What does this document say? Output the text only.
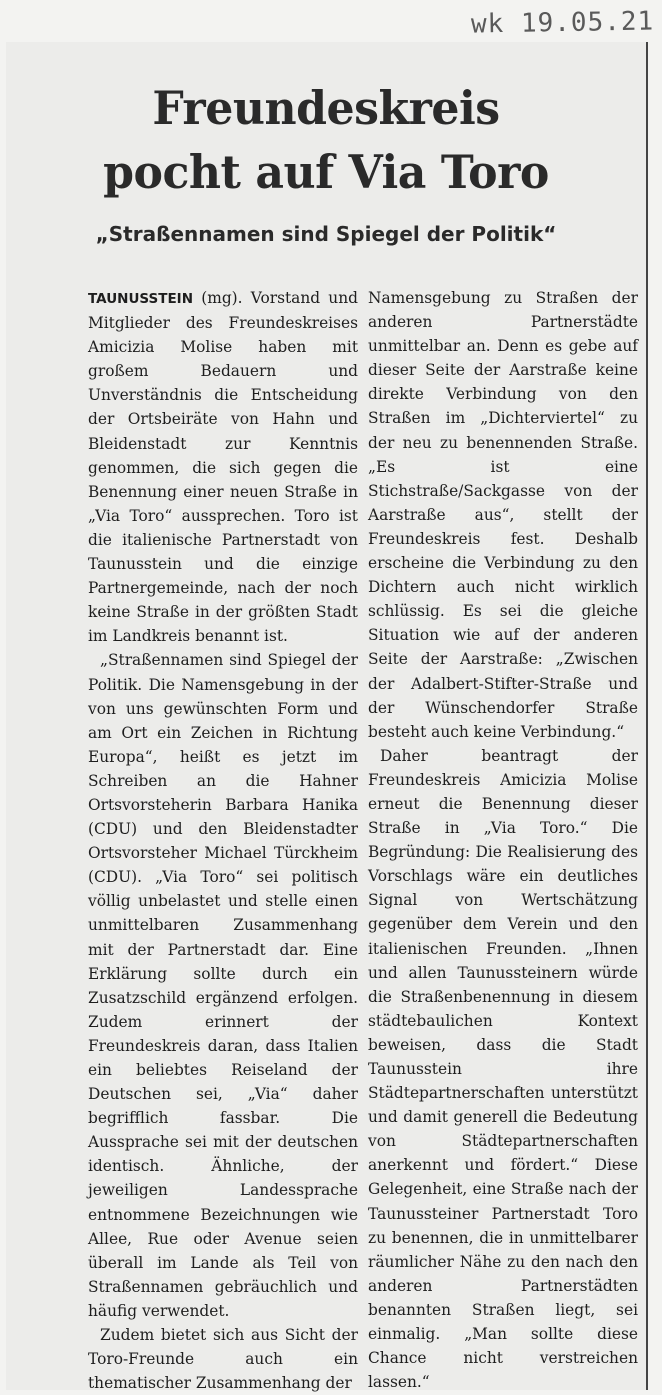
wk 19.05.21
Freundeskreis
pocht auf Via Toro
„Straßennamen sind Spiegel der Politik“

TAUNUSSTEIN (mg). Vorstand und Mitglieder des Freundeskreises Amicizia Molise haben mit großem Bedauern und Unverständnis die Entscheidung der Ortsbeiräte von Hahn und Bleidenstadt zur Kenntnis genommen, die sich gegen die Benennung einer neuen Straße in „Via Toro“ aussprechen. Toro ist die italienische Partnerstadt von Taunusstein und die einzige Partnergemeinde, nach der noch keine Straße in der größten Stadt im Landkreis benannt ist.

„Straßennamen sind Spiegel der Politik. Die Namensgebung in der von uns gewünschten Form und am Ort ein Zeichen in Richtung Europa“, heißt es jetzt im Schreiben an die Hahner Ortsvorsteherin Barbara Hanika (CDU) und den Bleidenstadter Ortsvorsteher Michael Türckheim (CDU). „Via Toro“ sei politisch völlig unbelastet und stelle einen unmittelbaren Zusammenhang mit der Partnerstadt dar. Eine Erklärung sollte durch ein Zusatzschild ergänzend erfolgen. Zudem erinnert der Freundeskreis daran, dass Italien ein beliebtes Reiseland der Deutschen sei, „Via“ daher begrifflich fassbar. Die Aussprache sei mit der deutschen identisch. Ähnliche, der jeweiligen Landessprache entnommene Bezeichnungen wie Allee, Rue oder Avenue seien überall im Lande als Teil von Straßennamen gebräuchlich und häufig verwendet.

Zudem bietet sich aus Sicht der Toro-Freunde auch ein thematischer Zusammenhang der

Namensgebung zu Straßen der anderen Partnerstädte unmittelbar an. Denn es gebe auf dieser Seite der Aarstraße keine direkte Verbindung von den Straßen im „Dichterviertel“ zu der neu zu benennenden Straße. „Es ist eine Stichstraße/Sackgasse von der Aarstraße aus“, stellt der Freundeskreis fest. Deshalb erscheine die Verbindung zu den Dichtern auch nicht wirklich schlüssig. Es sei die gleiche Situation wie auf der anderen Seite der Aarstraße: „Zwischen der Adalbert-Stifter-Straße und der Wünschendorfer Straße besteht auch keine Verbindung.“

Daher beantragt der Freundeskreis Amicizia Molise erneut die Benennung dieser Straße in „Via Toro.“ Die Begründung: Die Realisierung des Vorschlags wäre ein deutliches Signal von Wertschätzung gegenüber dem Verein und den italienischen Freunden. „Ihnen und allen Taunussteinern würde die Straßenbenennung in diesem städtebaulichen Kontext beweisen, dass die Stadt Taunusstein ihre Städtepartnerschaften unterstützt und damit generell die Bedeutung von Städtepartnerschaften anerkennt und fördert.“ Diese Gelegenheit, eine Straße nach der Taunussteiner Partnerstadt Toro zu benennen, die in unmittelbarer räumlicher Nähe zu den nach den anderen Partnerstädten benannten Straßen liegt, sei einmalig. „Man sollte diese Chance nicht verstreichen lassen.“
